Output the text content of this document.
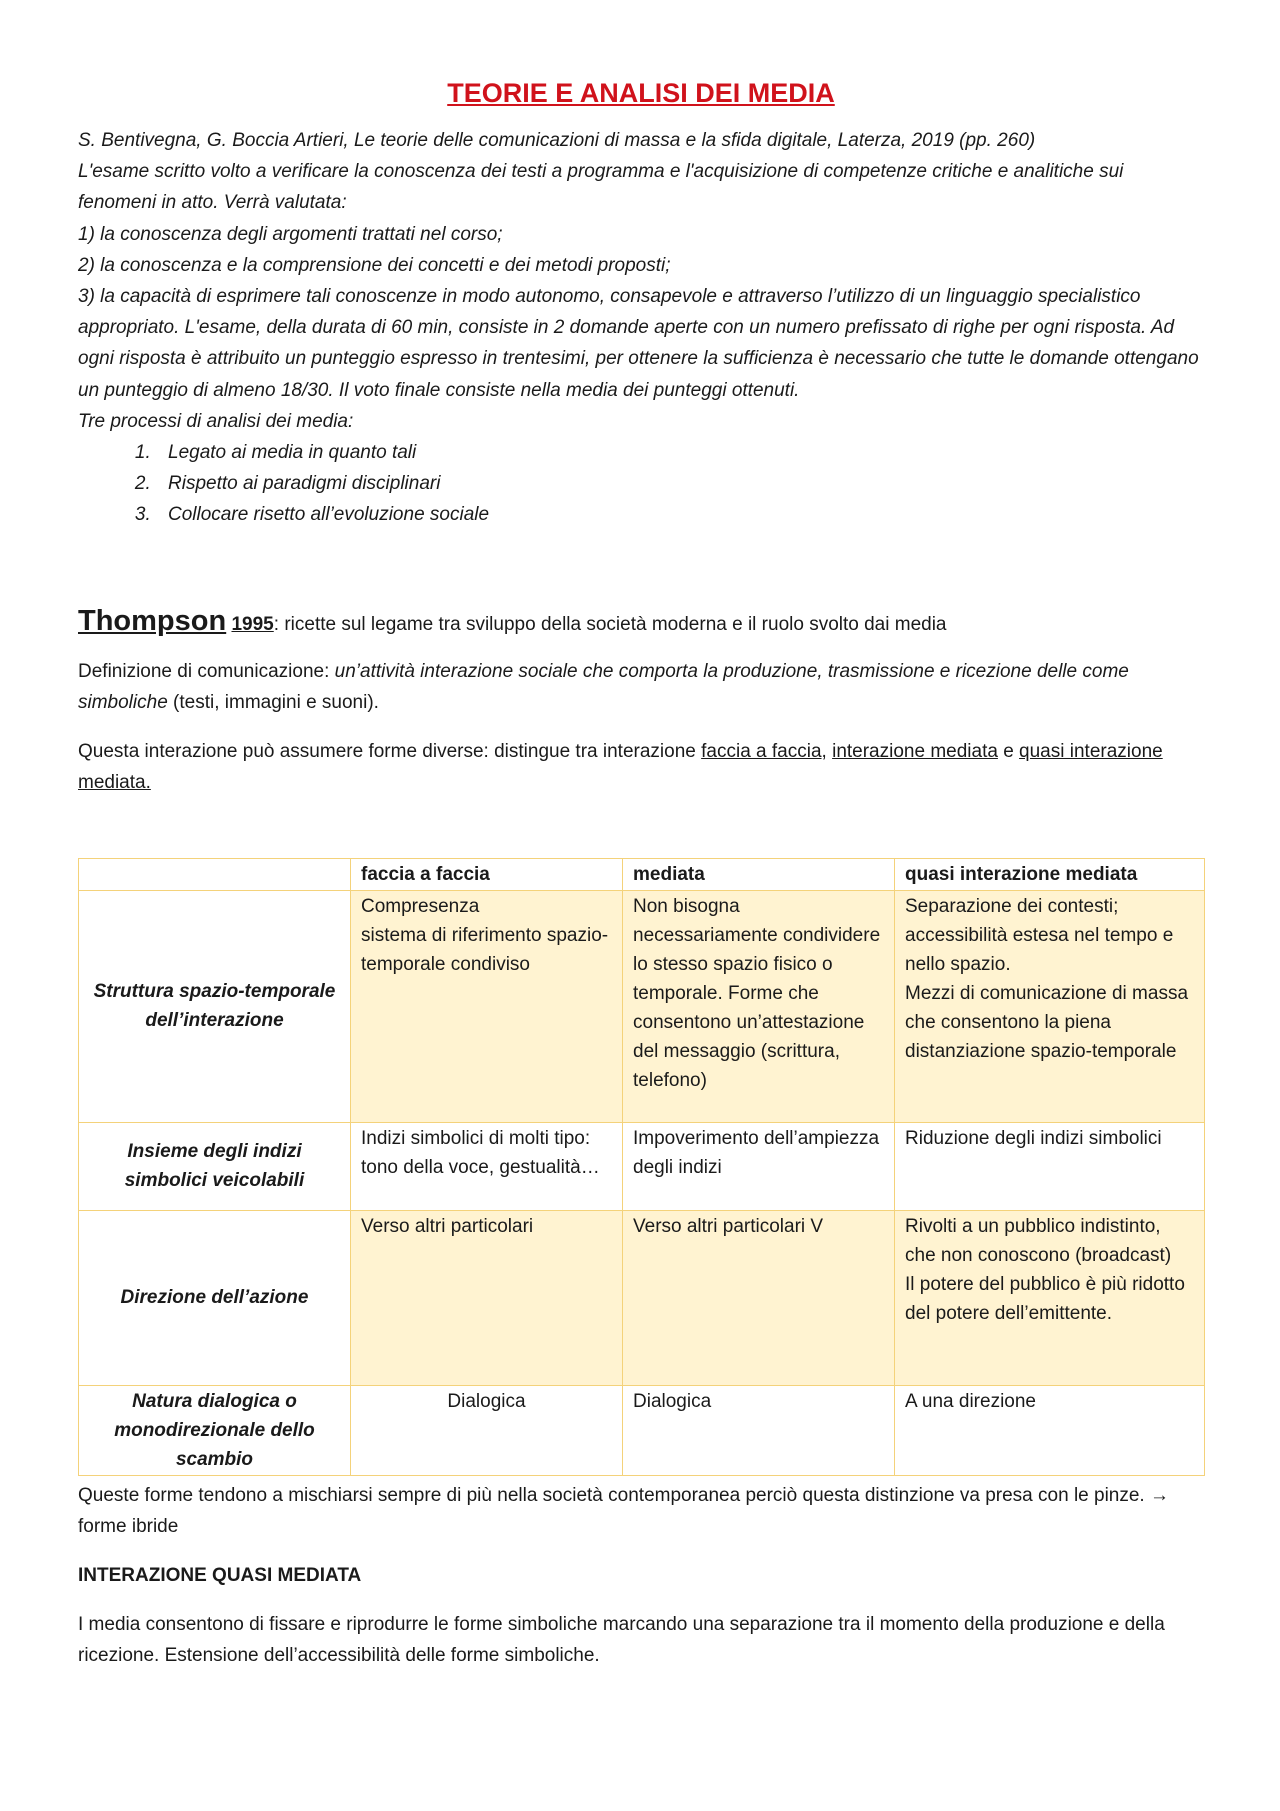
TEORIE E ANALISI DEI MEDIA

S. Bentivegna, G. Boccia Artieri, Le teorie delle comunicazioni di massa e la sfida digitale, Laterza, 2019 (pp. 260)

L'esame scritto volto a verificare la conoscenza dei testi a programma e l'acquisizione di competenze critiche e analitiche sui fenomeni in atto. Verrà valutata:

1) la conoscenza degli argomenti trattati nel corso;

2) la conoscenza e la comprensione dei concetti e dei metodi proposti;

3) la capacità di esprimere tali conoscenze in modo autonomo, consapevole e attraverso l’utilizzo di un linguaggio specialistico appropriato. L'esame, della durata di 60 min, consiste in 2 domande aperte con un numero prefissato di righe per ogni risposta. Ad ogni risposta è attribuito un punteggio espresso in trentesimi, per ottenere la sufficienza è necessario che tutte le domande ottengano un punteggio di almeno 18/30. Il voto finale consiste nella media dei punteggi ottenuti.

Tre processi di analisi dei media:

1. Legato ai media in quanto tali
2. Rispetto ai paradigmi disciplinari
3. Collocare risetto all’evoluzione sociale
Thompson 1995: ricette sul legame tra sviluppo della società moderna e il ruolo svolto dai media

Definizione di comunicazione: un’attività interazione sociale che comporta la produzione, trasmissione e ricezione delle come simboliche (testi, immagini e suoni).

Questa interazione può assumere forme diverse: distingue tra interazione faccia a faccia, interazione mediata e quasi interazione mediata.

	faccia a faccia	mediata	quasi interazione mediata
Struttura spazio-temporale dell’interazione	Compresenza
sistema di riferimento spazio-temporale condiviso	Non bisogna necessariamente condividere lo stesso spazio fisico o temporale. Forme che consentono un’attestazione del messaggio (scrittura, telefono)	Separazione dei contesti; accessibilità estesa nel tempo e nello spazio.
Mezzi di comunicazione di massa che consentono la piena distanziazione spazio-temporale
Insieme degli indizi simbolici veicolabili	Indizi simbolici di molti tipo: tono della voce, gestualità…	Impoverimento dell’ampiezza degli indizi	Riduzione degli indizi simbolici
Direzione dell’azione	Verso altri particolari	Verso altri particolari V	Rivolti a un pubblico indistinto, che non conoscono (broadcast)
Il potere del pubblico è più ridotto del potere dell’emittente.
Natura dialogica o monodirezionale dello scambio	Dialogica	Dialogica	A una direzione

Queste forme tendono a mischiarsi sempre di più nella società contemporanea perciò questa distinzione va presa con le pinze. → forme ibride

INTERAZIONE QUASI MEDIATA

I media consentono di fissare e riprodurre le forme simboliche marcando una separazione tra il momento della produzione e della ricezione. Estensione dell’accessibilità delle forme simboliche.
